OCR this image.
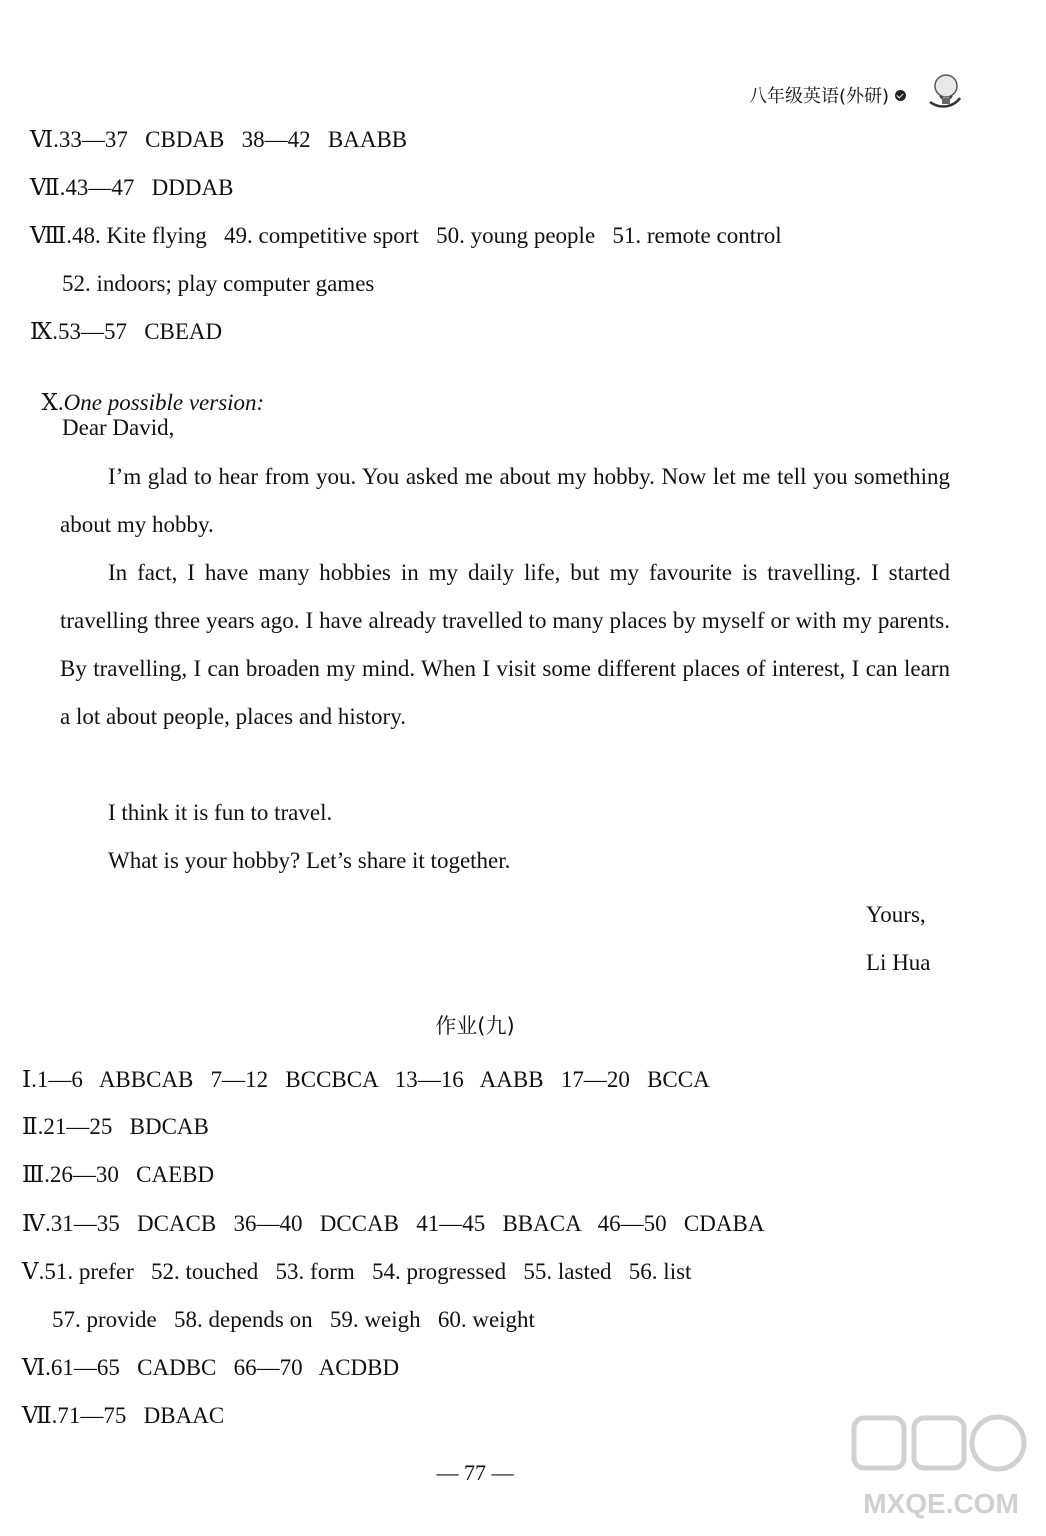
八年级英语(外研)
Ⅵ.33—37   CBDAB   38—42   BAABB
Ⅶ.43—47   DDDAB
Ⅷ.48. Kite flying   49. competitive sport   50. young people   51. remote control
52. indoors; play computer games
Ⅸ.53—57   CBEAD

Ⅹ.One possible version:

Dear David,
I’m glad to hear from you. You asked me about my hobby. Now let me tell you something about my hobby.
In fact, I have many hobbies in my daily life, but my favourite is travelling. I started travelling three years ago. I have already travelled to many places by myself or with my parents. By travelling, I can broaden my mind. When I visit some different places of interest, I can learn a lot about people, places and history.
I think it is fun to travel.
What is your hobby? Let’s share it together.
Yours,
Li Hua
作业(九)
Ⅰ.1—6   ABBCAB   7—12   BCCBCA   13—16   AABB   17—20   BCCA
Ⅱ.21—25   BDCAB
Ⅲ.26—30   CAEBD
Ⅳ.31—35   DCACB   36—40   DCCAB   41—45   BBACA   46—50   CDABA
Ⅴ.51. prefer   52. touched   53. form   54. progressed   55. lasted   56. list
57. provide   58. depends on   59. weigh   60. weight
Ⅵ.61—65   CADBC   66—70   ACDBD
Ⅶ.71—75   DBAAC
— 77 —
MXQE.COM
